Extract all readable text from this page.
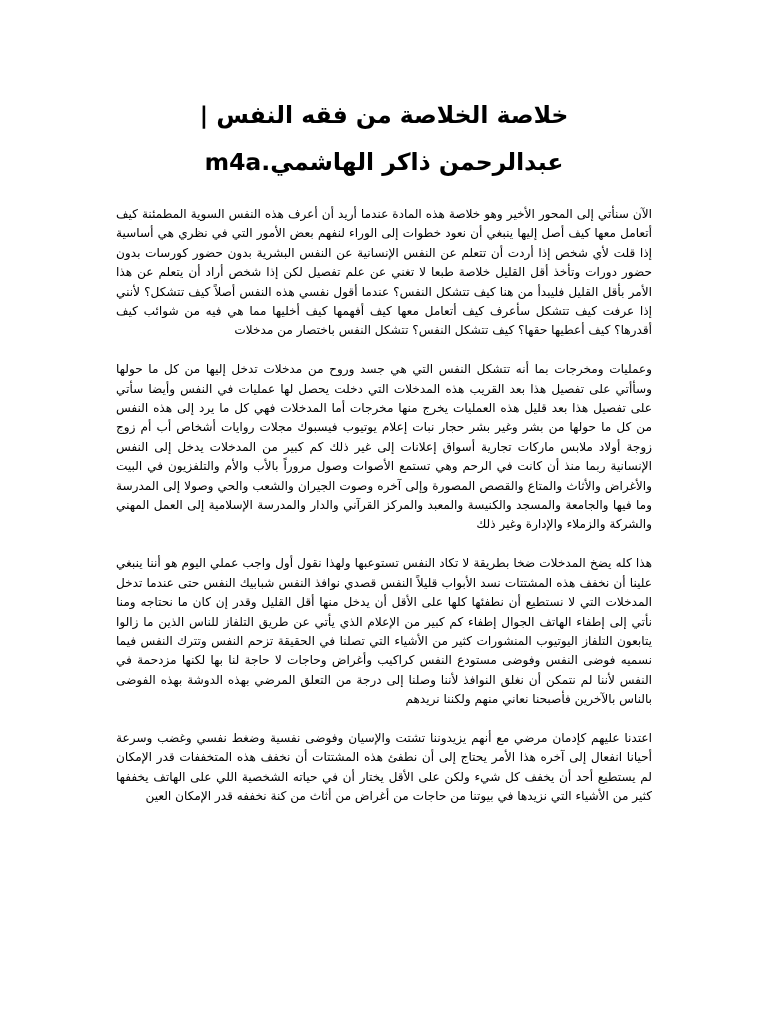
خلاصة الخلاصة من فقه النفس |
عبدالرحمن ذاكر الهاشمي.m4a

الآن سنأتي إلى المحور الأخير وهو خلاصة هذه المادة عندما أريد أن أعرف هذه النفس السوية المطمئنة كيف أتعامل معها كيف أصل إليها ينبغي أن نعود خطوات إلى الوراء لنفهم بعض الأمور التي في نظري هي أساسية إذا قلت لأي شخص إذا أردت أن تتعلم عن النفس الإنسانية عن النفس البشرية بدون حضور كورسات بدون حضور دورات وتأخذ أقل القليل خلاصة طبعا لا تغني عن علم تفصيل لكن إذا شخص أراد أن يتعلم عن هذا الأمر بأقل القليل فليبدأ من هنا كيف تتشكل النفس؟ عندما أقول نفسي هذه النفس أصلاً كيف تتشكل؟ لأنني إذا عرفت كيف تتشكل سأعرف كيف أتعامل معها كيف أفهمها كيف أخليها مما هي فيه من شوائب كيف أقدرها؟ كيف أعطيها حقها؟ كيف تتشكل النفس؟ تتشكل النفس باختصار من مدخلات

وعمليات ومخرجات بما أنه تتشكل النفس التي هي جسد وروح من مدخلات تدخل إليها من كل ما حولها وسأأتي على تفصيل هذا بعد القريب هذه المدخلات التي دخلت يحصل لها عمليات في النفس وأيضا سأتي على تفصيل هذا بعد قليل هذه العمليات يخرج منها مخرجات أما المدخلات فهي كل ما يرد إلى هذه النفس من كل ما حولها من بشر وغير بشر حجار نبات إعلام يوتيوب فيسبوك مجلات روايات أشخاص أب أم زوج زوجة أولاد ملابس ماركات تجارية أسواق إعلانات إلى غير ذلك كم كبير من المدخلات يدخل إلى النفس الإنسانية ربما منذ أن كانت في الرحم وهي تستمع الأصوات وصول مروراً بالأب والأم والتلفزيون في البيت والأغراض والأثاث والمتاع والقصص المصورة وإلى آخره وصوت الجيران والشعب والحي وصولا إلى المدرسة وما فيها والجامعة والمسجد والكنيسة والمعبد والمركز القرآني والدار والمدرسة الإسلامية إلى العمل المهني والشركة والزملاء والإدارة وغير ذلك

هذا كله يضخ المدخلات ضخا بطريقة لا تكاد النفس تستوعبها ولهذا نقول أول واجب عملي اليوم هو أننا ينبغي علينا أن نخفف هذه المشتتات نسد الأبواب قليلاً النفس قصدي نوافذ النفس شبابيك النفس حتى عندما تدخل المدخلات التي لا نستطيع أن نطفئها كلها على الأقل أن يدخل منها أقل القليل وقدر إن كان ما نحتاجه ومنا نأتي إلى إطفاء الهاتف الجوال إطفاء كم كبير من الإعلام الذي يأتي عن طريق التلفاز للناس الذين ما زالوا يتابعون التلفاز اليوتيوب المنشورات كثير من الأشياء التي تصلنا في الحقيقة تزحم النفس وتترك النفس فيما نسميه فوضى النفس وفوضى مستودع النفس كراكيب وأغراض وحاجات لا حاجة لنا بها لكنها مزدحمة في النفس لأننا لم نتمكن أن نغلق النوافذ لأننا وصلنا إلى درجة من التعلق المرضي بهذه الدوشة بهذه الفوضى بالناس بالآخرين فأصبحنا نعاني منهم ولكننا نريدهم

اعتدنا عليهم كإدمان مرضي مع أنهم يزيدوننا تشتت والإسيان وفوضى نفسية وضغط نفسي وغضب وسرعة أحيانا انفعال إلى آخره هذا الأمر يحتاج إلى أن نطفئ هذه المشتتات أن نخفف هذه المتخففات قدر الإمكان لم يستطيع أحد أن يخفف كل شيء ولكن على الأقل يختار أن في حياته الشخصية اللي على الهاتف يخففها كثير من الأشياء التي نزيدها في بيوتنا من حاجات من أغراض من أثاث من كنة نخففه قدر الإمكان العين
